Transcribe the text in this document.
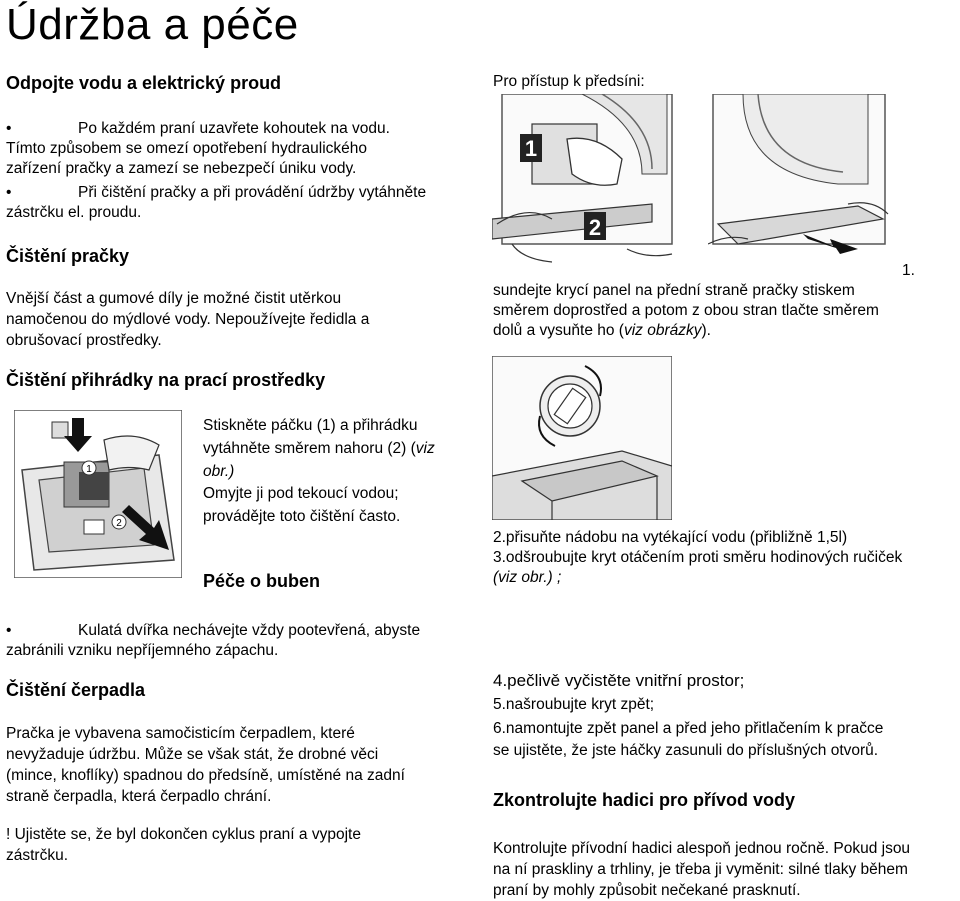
Údržba a péče
Odpojte vodu a elektrický proud
•	Po každém praní uzavřete kohoutek na vodu.
Tímto způsobem se omezí opotřebení hydraulického
zařízení pračky a zamezí se nebezpečí úniku vody.
•	Při čištění pračky a při provádění údržby vytáhněte
zástrčku el. proudu.
Čištění pračky
Vnější část a gumové díly je možné čistit utěrkou
namočenou do mýdlové vody. Nepoužívejte ředidla a
obrušovací prostředky.
Čištění přihrádky na prací prostředky
1
2
Stiskněte páčku (1) a přihrádku
vytáhněte směrem nahoru (2) (viz
obr.)
Omyjte ji pod tekoucí vodou;
provádějte toto čištění často.
Péče o buben
•	Kulatá dvířka nechávejte vždy pootevřená, abyste
zabránili vzniku nepříjemného zápachu.
Čištění čerpadla
Pračka je vybavena samočisticím čerpadlem, které
nevyžaduje údržbu. Může se však stát, že drobné věci
(mince, knoflíky) spadnou do předsíně, umístěné na zadní
straně čerpadla, která čerpadlo chrání.
! Ujistěte se, že byl dokončen cyklus praní a vypojte
zástrčku.
Pro přístup k předsíni:
1
2
1.
sundejte krycí panel na přední straně pračky stiskem
směrem doprostřed a potom z obou stran tlačte směrem
dolů a vysuňte ho (viz obrázky).
2.přisuňte nádobu na vytékající vodu (přibližně 1,5l)
3.odšroubujte kryt otáčením proti směru hodinových ručiček
(viz obr.) ;
4.pečlivě vyčistěte vnitřní prostor;
5.našroubujte kryt zpět;
6.namontujte zpět panel a před jeho přitlačením k pračce
se ujistěte, že jste háčky zasunuli do příslušných otvorů.
Zkontrolujte hadici pro přívod vody
Kontrolujte přívodní hadici alespoň jednou ročně. Pokud jsou
na ní praskliny a trhliny, je třeba ji vyměnit: silné tlaky během
praní by mohly způsobit nečekané prasknutí.
